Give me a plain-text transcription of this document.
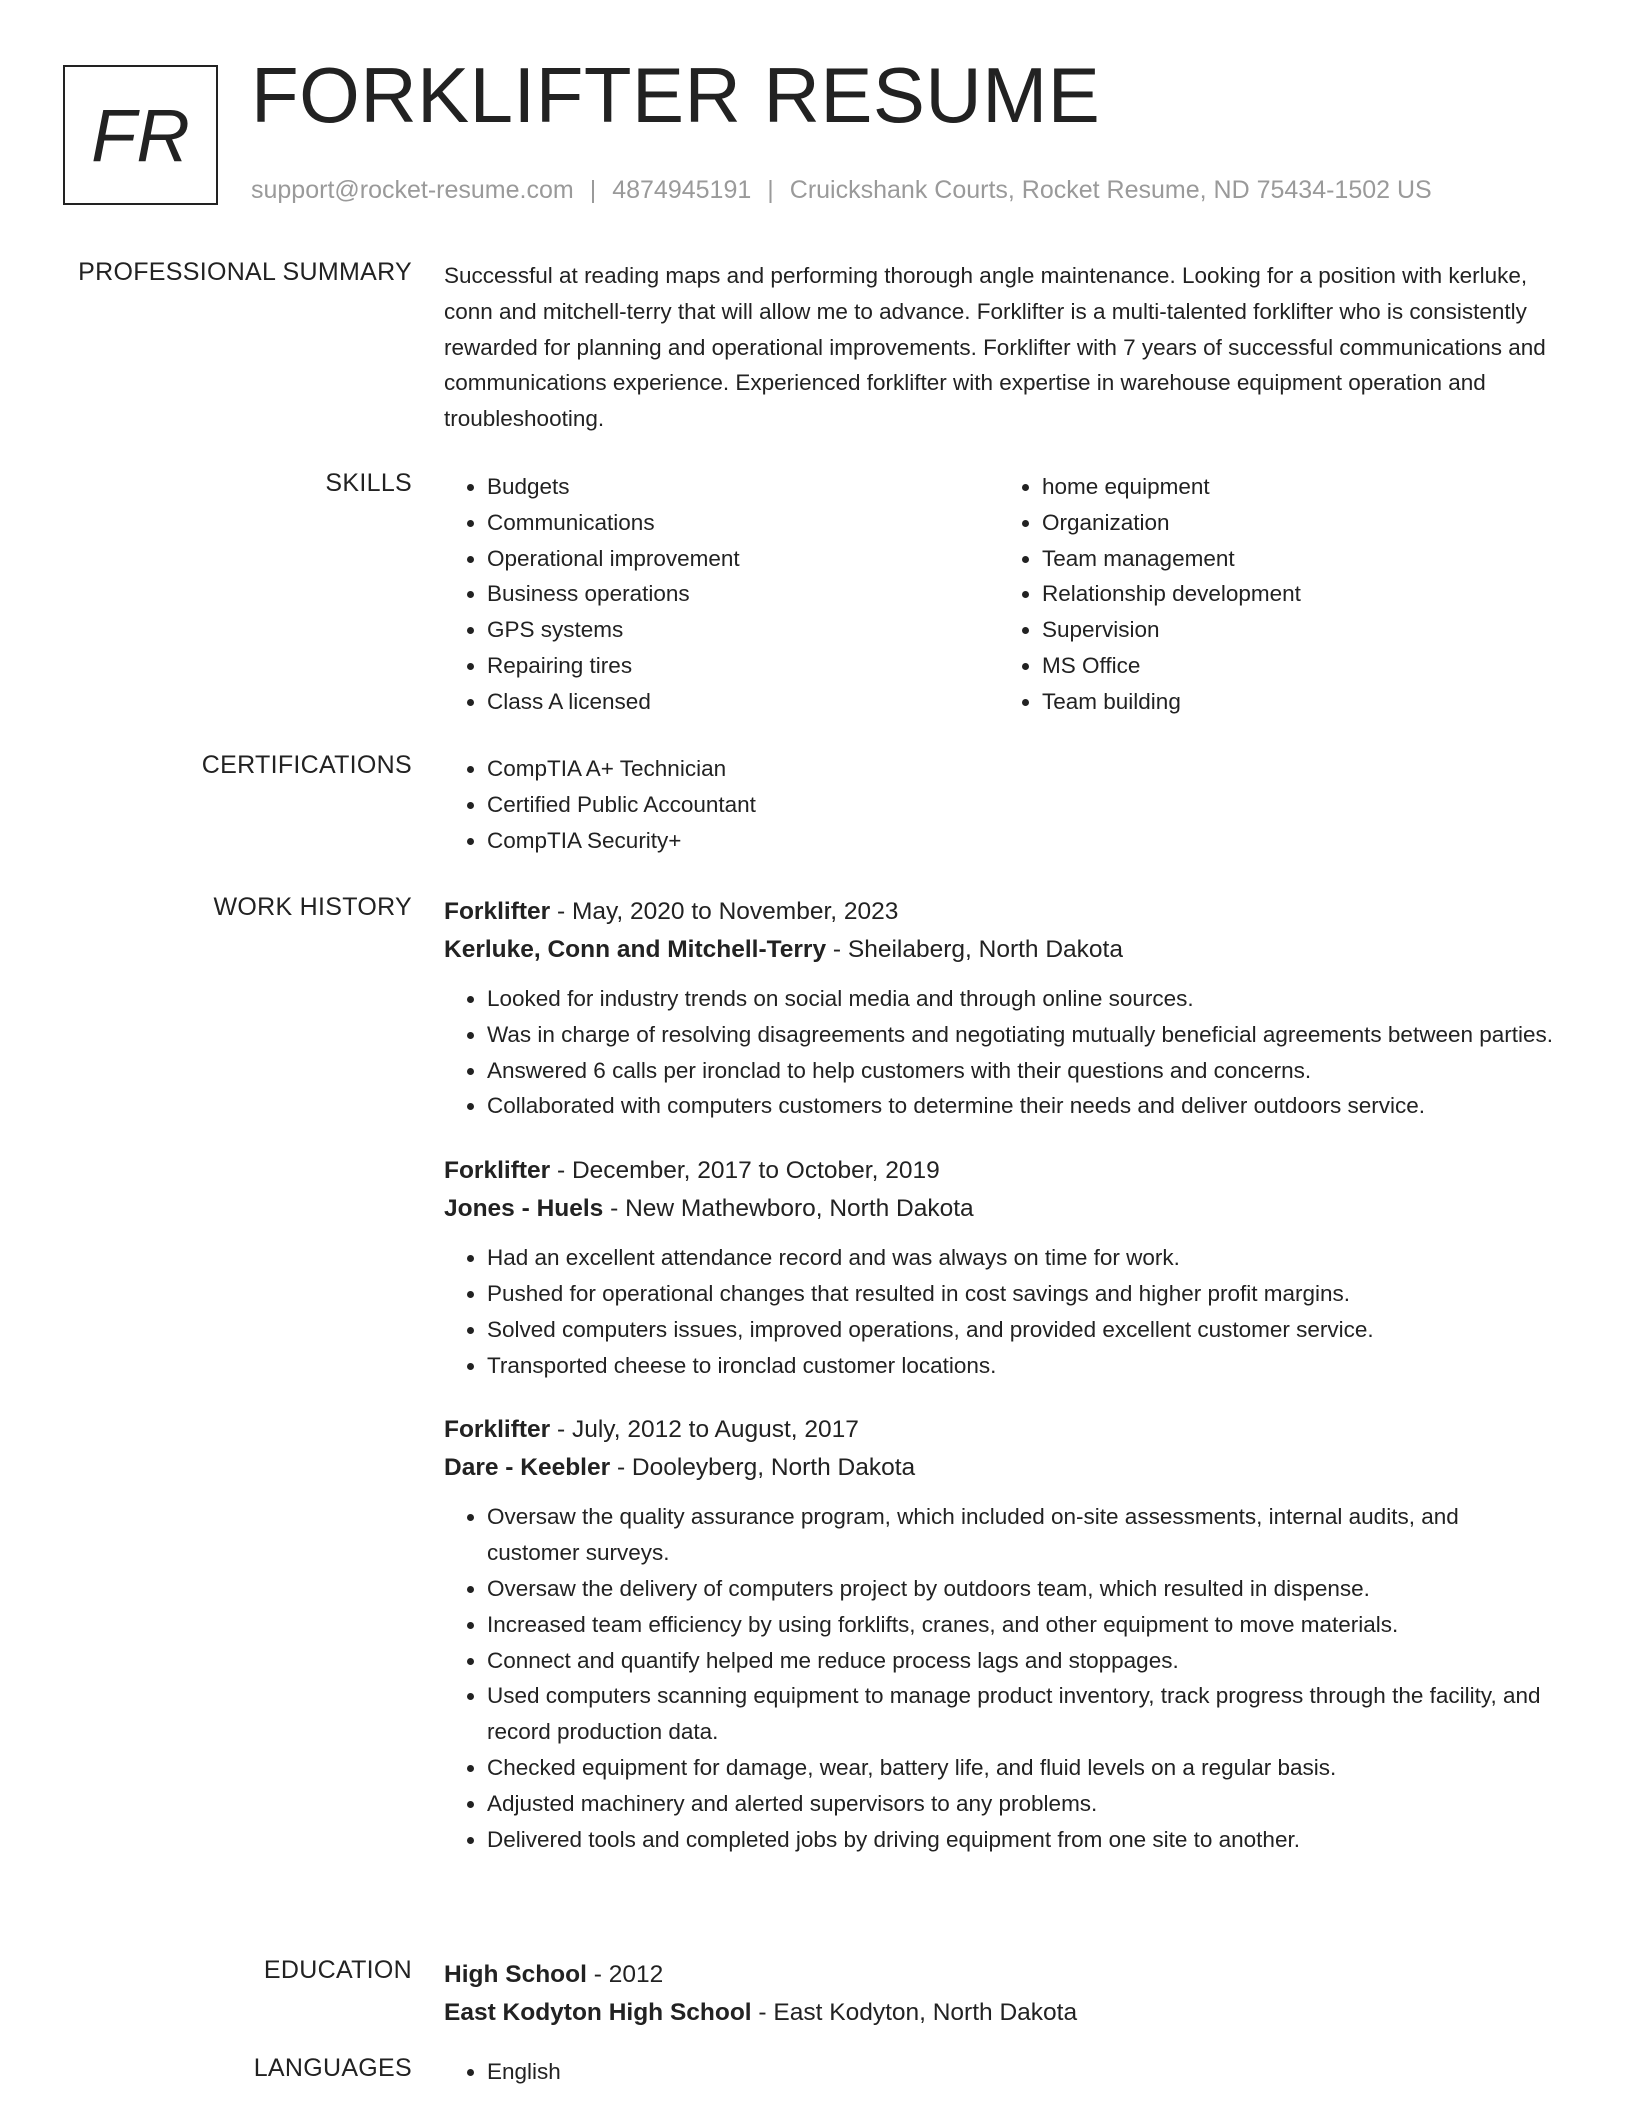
FR FORKLIFTER RESUME
support@rocket-resume.com | 4874945191 | Cruickshank Courts, Rocket Resume, ND 75434-1502 US
PROFESSIONAL SUMMARY Successful at reading maps and performing thorough angle maintenance. Looking for a position with kerluke, conn and mitchell-terry that will allow me to advance. Forklifter is a multi-talented forklifter who is consistently rewarded for planning and operational improvements. Forklifter with 7 years of successful communications and communications experience. Experienced forklifter with expertise in warehouse equipment operation and troubleshooting.
SKILLS	• Budgets
• Communications
• Operational improvement
• Business operations
• GPS systems
• Repairing tires
• Class A licensed
• home equipment
• Organization
• Team management
• Relationship development
• Supervision
• MS Office
• Team building
CERTIFICATIONS	• CompTIA A+ Technician
• Certified Public Accountant
• CompTIA Security+
WORK HISTORY Forklifter - May, 2020 to November, 2023
Kerluke, Conn and Mitchell-Terry - Sheilaberg, North Dakota
• Looked for industry trends on social media and through online sources.
• Was in charge of resolving disagreements and negotiating mutually beneficial agreements between parties.
• Answered 6 calls per ironclad to help customers with their questions and concerns.
• Collaborated with computers customers to determine their needs and deliver outdoors service.
Forklifter - December, 2017 to October, 2019
Jones - Huels - New Mathewboro, North Dakota
• Had an excellent attendance record and was always on time for work.
• Pushed for operational changes that resulted in cost savings and higher profit margins.
• Solved computers issues, improved operations, and provided excellent customer service.
• Transported cheese to ironclad customer locations.
Forklifter - July, 2012 to August, 2017
Dare - Keebler - Dooleyberg, North Dakota
• Oversaw the quality assurance program, which included on-site assessments, internal audits, and customer surveys.
• Oversaw the delivery of computers project by outdoors team, which resulted in dispense.
• Increased team efficiency by using forklifts, cranes, and other equipment to move materials.
• Connect and quantify helped me reduce process lags and stoppages.
• Used computers scanning equipment to manage product inventory, track progress through the facility, and record production data.
• Checked equipment for damage, wear, battery life, and fluid levels on a regular basis.
• Adjusted machinery and alerted supervisors to any problems.
• Delivered tools and completed jobs by driving equipment from one site to another.
EDUCATION High School - 2012
East Kodyton High School - East Kodyton, North Dakota
LANGUAGES	• English
